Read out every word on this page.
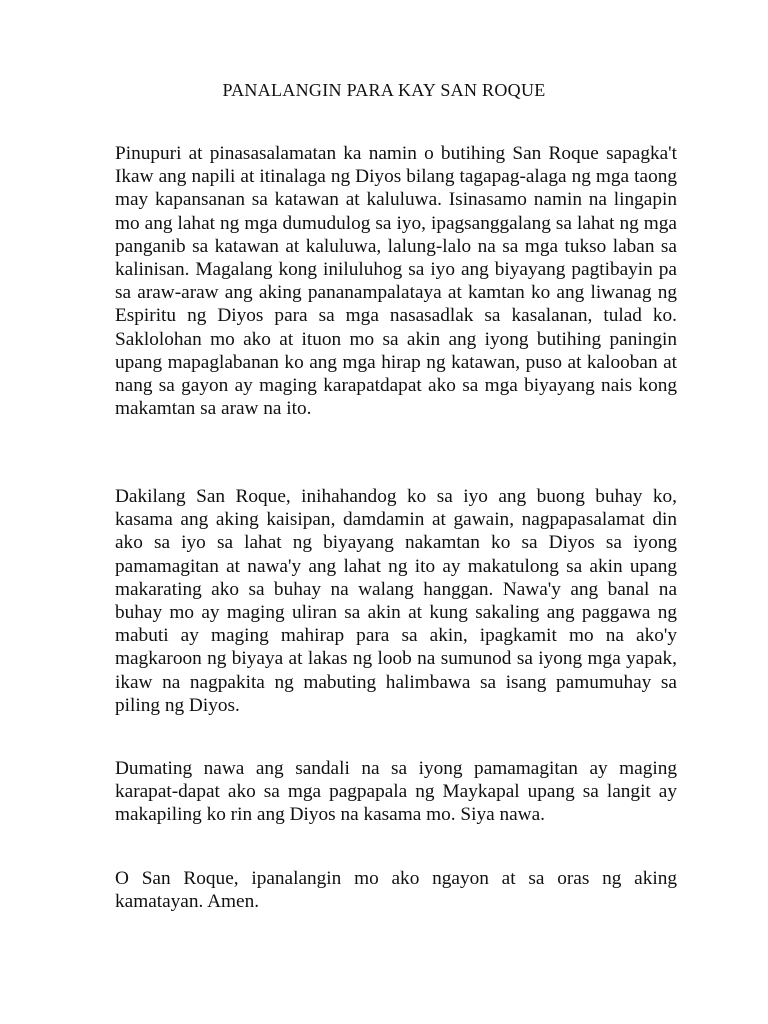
PANALANGIN PARA KAY SAN ROQUE

Pinupuri at pinasasalamatan ka namin o butihing San Roque sapagka't Ikaw ang napili at itinalaga ng Diyos bilang tagapag-alaga ng mga taong may kapansanan sa katawan at kaluluwa. Isinasamo namin na lingapin mo ang lahat ng mga dumudulog sa iyo, ipagsanggalang sa lahat ng mga panganib sa katawan at kaluluwa, lalung-lalo na sa mga tukso laban sa kalinisan. Magalang kong iniluluhog sa iyo ang biyayang pagtibayin pa sa araw-araw ang aking pananampalataya at kamtan ko ang liwanag ng Espiritu ng Diyos para sa mga nasasadlak sa kasalanan, tulad ko. Saklolohan mo ako at ituon mo sa akin ang iyong butihing paningin upang mapaglabanan ko ang mga hirap ng katawan, puso at kalooban at nang sa gayon ay maging karapatdapat ako sa mga biyayang nais kong makamtan sa araw na ito.

Dakilang San Roque, inihahandog ko sa iyo ang buong buhay ko, kasama ang aking kaisipan, damdamin at gawain, nagpapasalamat din ako sa iyo sa lahat ng biyayang nakamtan ko sa Diyos sa iyong pamamagitan at nawa'y ang lahat ng ito ay makatulong sa akin upang makarating ako sa buhay na walang hanggan. Nawa'y ang banal na buhay mo ay maging uliran sa akin at kung sakaling ang paggawa ng mabuti ay maging mahirap para sa akin, ipagkamit mo na ako'y magkaroon ng biyaya at lakas ng loob na sumunod sa iyong mga yapak, ikaw na nagpakita ng mabuting halimbawa sa isang pamumuhay sa piling ng Diyos.

Dumating nawa ang sandali na sa iyong pamamagitan ay maging karapat-dapat ako sa mga pagpapala ng Maykapal upang sa langit ay makapiling ko rin ang Diyos na kasama mo. Siya nawa.

O San Roque, ipanalangin mo ako ngayon at sa oras ng aking kamatayan. Amen.
